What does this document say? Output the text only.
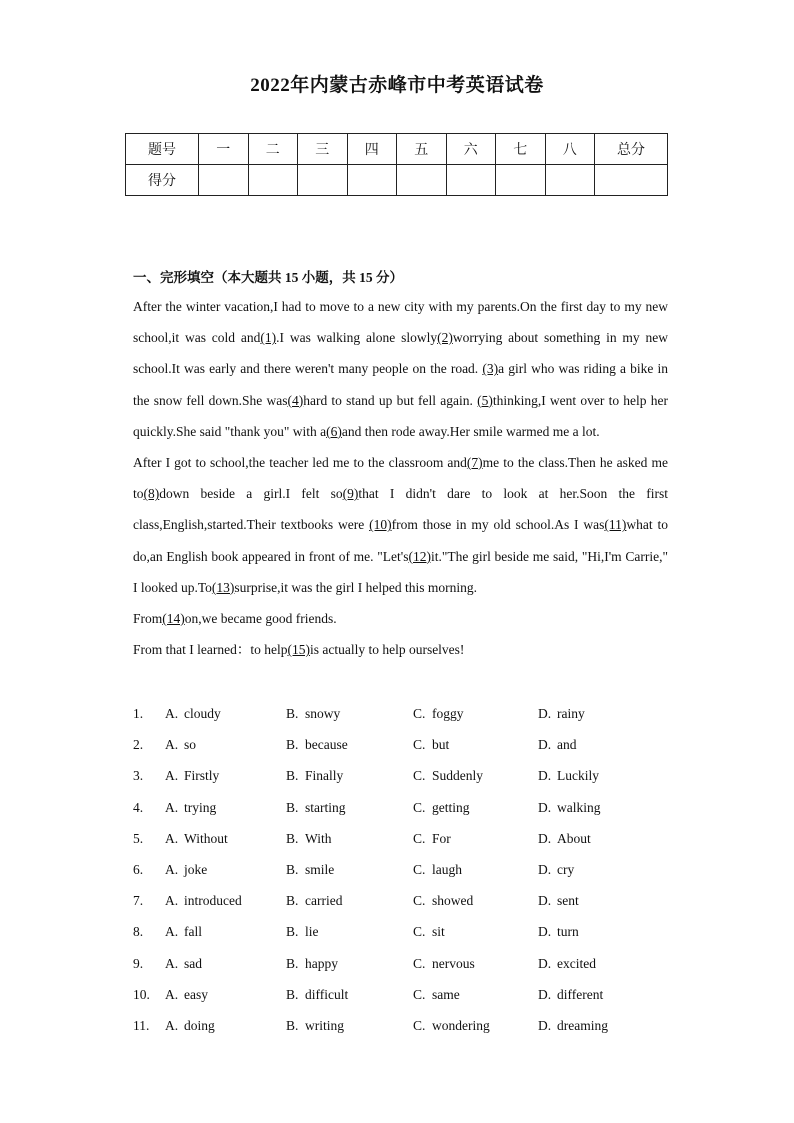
2022年内蒙古赤峰市中考英语试卷
题号	一	二	三	四	五	六	七	八	总分
得分									
一、完形填空（本大题共 15 小题，共 15 分）

After the winter vacation,I had to move to a new city with my parents.On the first day to my new school,it was cold and(1).I was walking alone slowly(2)worrying about something in my new school.It was early and there weren't many people on the road. (3)a girl who was riding a bike in the snow fell down.She was(4)hard to stand up but fell again. (5)thinking,I went over to help her quickly.She said "thank you" with a(6)and then rode away.Her smile warmed me a lot.

After I got to school,the teacher led me to the classroom and(7)me to the class.Then he asked me to(8)down beside a girl.I felt so(9)that I didn't dare to look at her.Soon the first class,English,started.Their textbooks were (10)from those in my old school.As I was(11)what to do,an English book appeared in front of me. "Let's(12)it."The girl beside me said, "Hi,I'm Carrie," I looked up.To(13)surprise,it was the girl I helped this morning.

From(14)on,we became good friends.

From that I learned：to help(15)is actually to help ourselves!

1. A. cloudy	B. snowy	C. foggy	D. rainy
2. A. so	B. because	C. but	D. and
3. A. Firstly	B. Finally	C. Suddenly	D. Luckily
4. A. trying	B. starting	C. getting	D. walking
5. A. Without	B. With	C. For	D. About
6. A. joke	B. smile	C. laugh	D. cry
7. A. introduced	B. carried	C. showed	D. sent
8. A. fall	B. lie	C. sit	D. turn
9. A. sad	B. happy	C. nervous	D. excited
10. A. easy	B. difficult	C. same	D. different
11. A. doing	B. writing	C. wondering	D. dreaming
